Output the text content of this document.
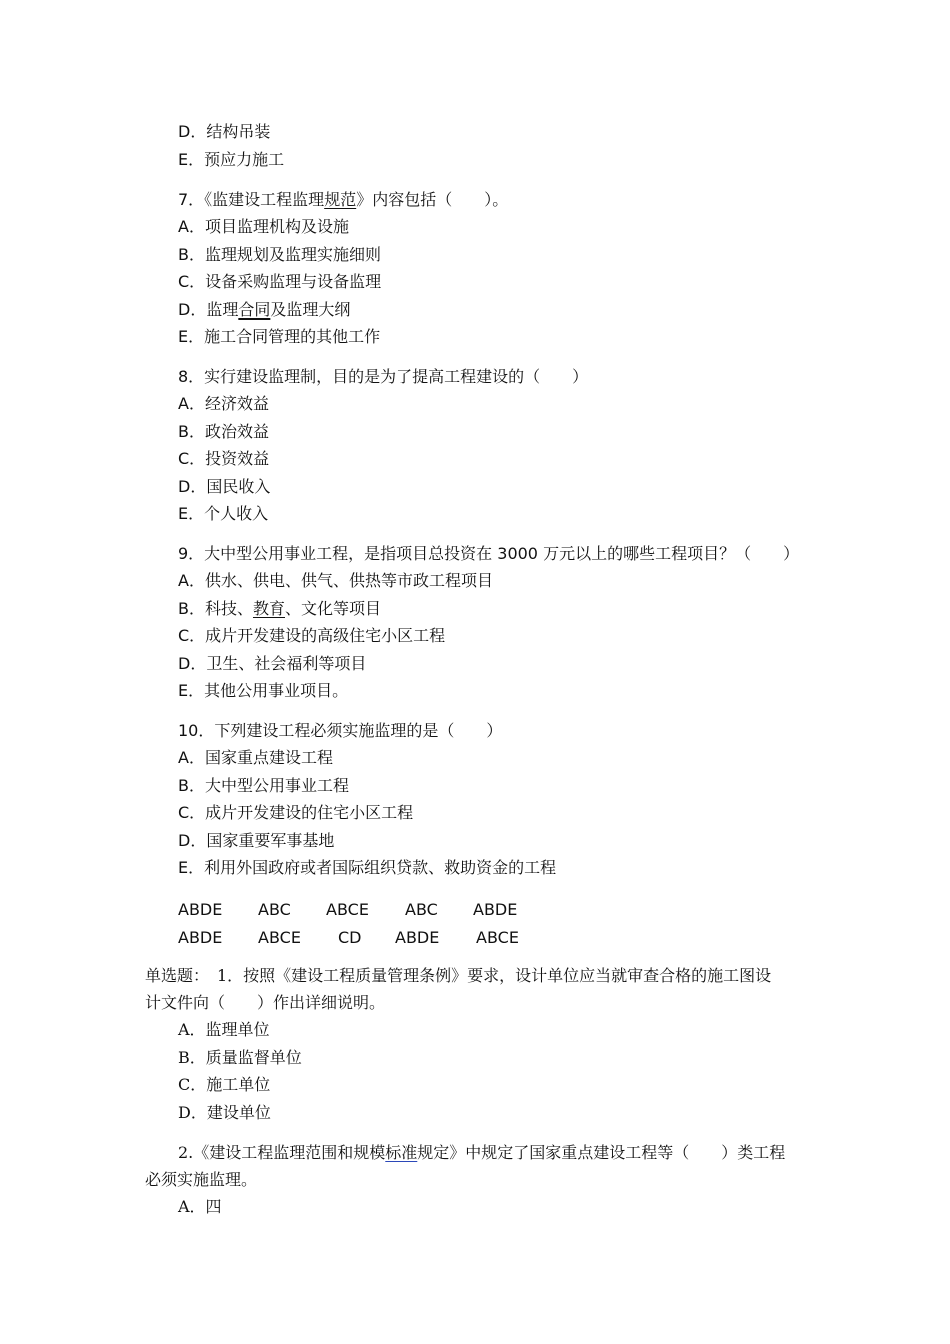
D．结构吊装
E．预应力施工
7．《监建设工程监理规范》内容包括（　　）。
A．项目监理机构及设施
B．监理规划及监理实施细则
C．设备采购监理与设备监理
D．监理合同及监理大纲
E．施工合同管理的其他工作
8．实行建设监理制，目的是为了提高工程建设的（　　）
A．经济效益
B．政治效益
C．投资效益
D．国民收入
E．个人收入
9．大中型公用事业工程，是指项目总投资在 3000 万元以上的哪些工程项目？（　　）
A．供水、供电、供气、供热等市政工程项目
B．科技、教育、文化等项目
C．成片开发建设的高级住宅小区工程
D．卫生、社会福利等项目
E．其他公用事业项目。
10．下列建设工程必须实施监理的是（　　）
A．国家重点建设工程
B．大中型公用事业工程
C．成片开发建设的住宅小区工程
D．国家重要军事基地
E．利用外国政府或者国际组织贷款、救助资金的工程
ABDE ABC ABCE ABC ABDE
ABDE ABCE CD ABDE ABCE
单选题：　1．按照《建设工程质量管理条例》要求，设计单位应当就审查合格的施工图设
计文件向（　　）作出详细说明。
A．监理单位
B．质量监督单位
C．施工单位
D．建设单位
2.《建设工程监理范围和规模标准规定》中规定了国家重点建设工程等（　　）类工程
必须实施监理。
A．四
